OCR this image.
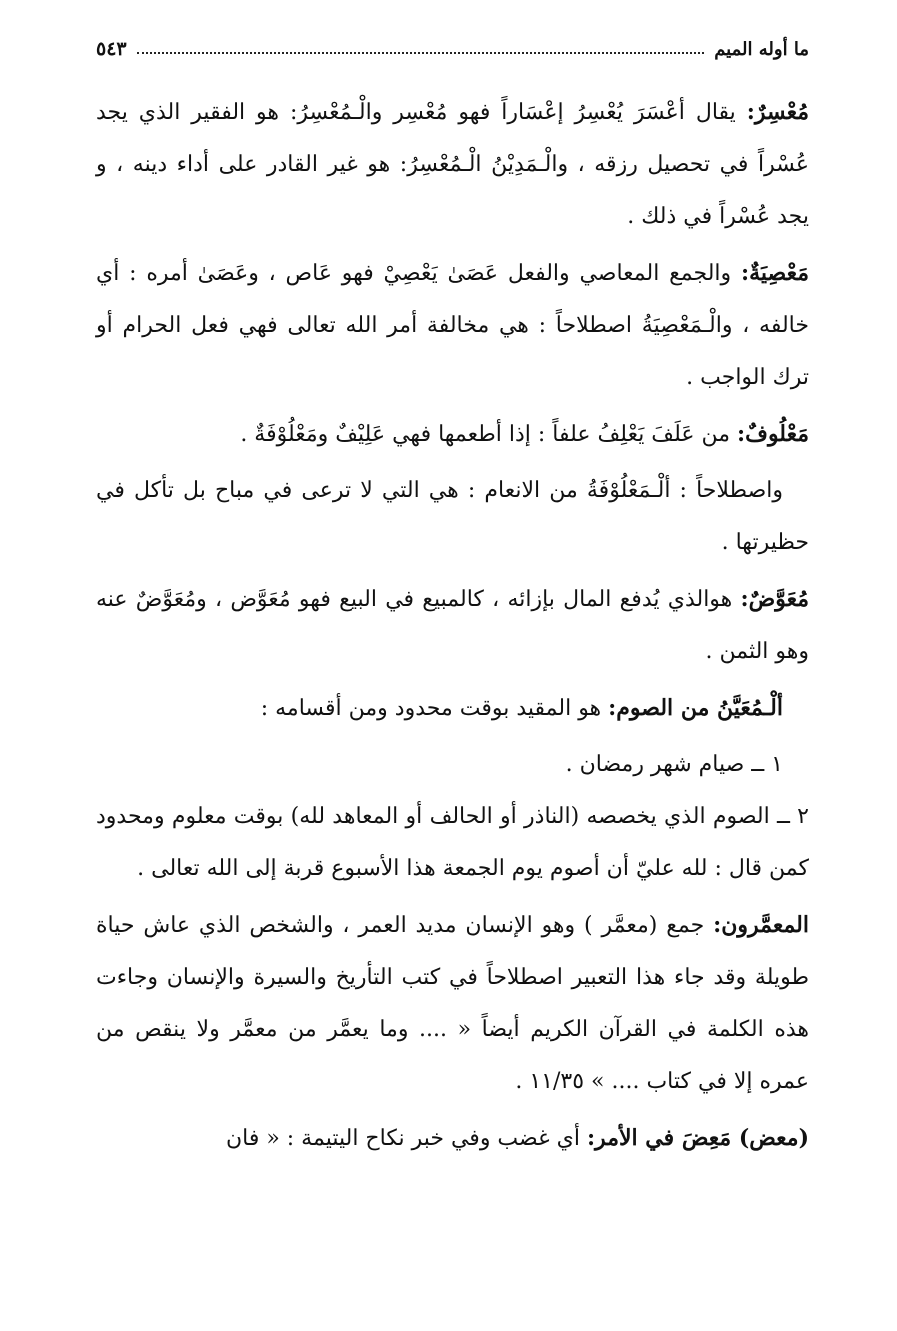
ما أوله الميم
٥٤٣

مُعْسِرٌ: يقال أعْسَرَ يُعْسِرُ إعْسَاراً فهو مُعْسِر والْـمُعْسِرُ: هو الفقير الذي يجد عُسْراً في تحصيل رزقه ، والْـمَدِيْنُ الْـمُعْسِرُ: هو غير القادر على أداء دينه ، و يجد عُسْراً في ذلك .

مَعْصِيَةٌ: والجمع المعاصي والفعل عَصَىٰ يَعْصِيْ فهو عَاص ، وعَصَىٰ أمره : أي خالفه ، والْـمَعْصِيَةُ اصطلاحاً : هي مخالفة أمر الله تعالى فهي فعل الحرام أو ترك الواجب .

مَعْلُوفٌ: من عَلَفَ يَعْلِفُ علفاً : إذا أطعمها فهي عَلِيْفٌ ومَعْلُوْفَةٌ .

واصطلاحاً : ألْـمَعْلُوْفَةُ من الانعام : هي التي لا ترعى في مباح بل تأكل في حظيرتها .

مُعَوَّضٌ: هوالذي يُدفع المال بإزائه ، كالمبيع في البيع فهو مُعَوَّض ، ومُعَوَّضٌ عنه وهو الثمن .

ألْـمُعَيَّنُ من الصوم: هو المقيد بوقت محدود ومن أقسامه :

١ ــ صيام شهر رمضان .

٢ ــ الصوم الذي يخصصه (الناذر أو الحالف أو المعاهد لله) بوقت معلوم ومحدود كمن قال : لله عليّ أن أصوم يوم الجمعة هذا الأسبوع قربة إلى الله تعالى .

المعمَّرون: جمع (معمَّر ) وهو الإنسان مديد العمر ، والشخص الذي عاش حياة طويلة وقد جاء هذا التعبير اصطلاحاً في كتب التأريخ والسيرة والإنسان وجاءت هذه الكلمة في القرآن الكريم أيضاً « .... وما يعمَّر من معمَّر ولا ينقص من عمره إلا في كتاب .... » ١١/٣٥ .

(معض) مَعِضَ في الأمر: أي غضب وفي خبر نكاح اليتيمة : « فان
